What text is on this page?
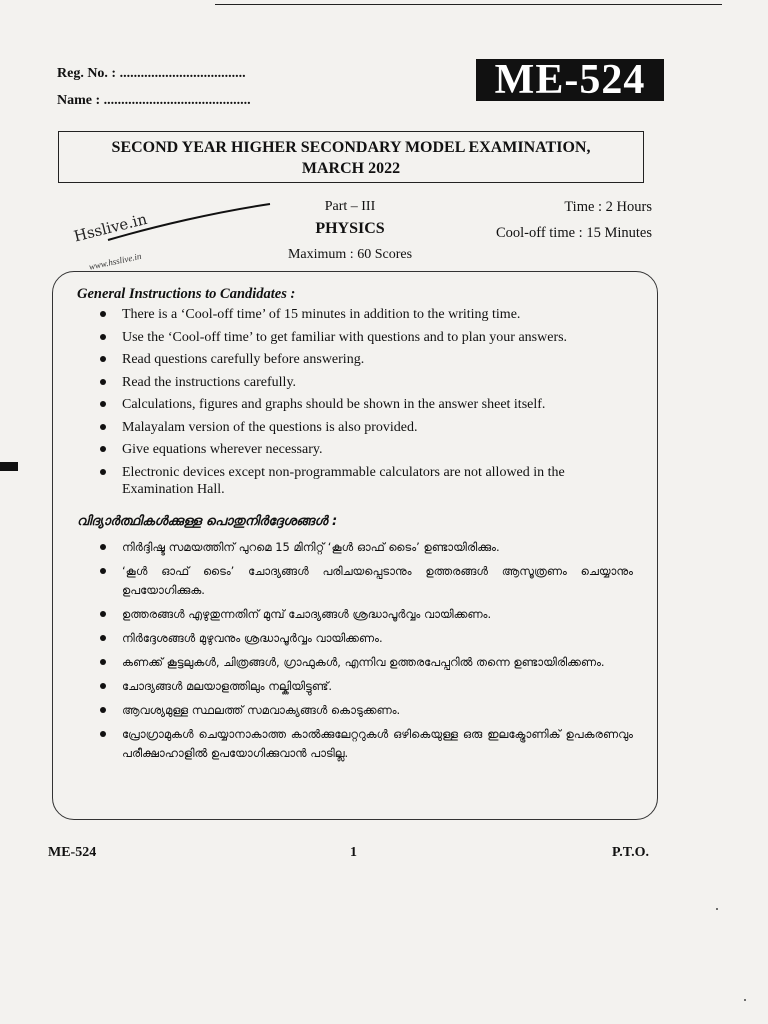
Reg. No. : ....................................
Name : ..........................................	ME-524
SECOND YEAR HIGHER SECONDARY MODEL EXAMINATION,
MARCH 2022
Hsslive.in
www.hsslive.in
Part – III
PHYSICS
Maximum : 60 Scores
Time : 2 Hours
Cool-off time : 15 Minutes
General Instructions to Candidates :
There is a ‘Cool-off time’ of 15 minutes in addition to the writing time.
Use the ‘Cool-off time’ to get familiar with questions and to plan your answers.
Read questions carefully before answering.
Read the instructions carefully.
Calculations, figures and graphs should be shown in the answer sheet itself.
Malayalam version of the questions is also provided.
Give equations wherever necessary.
Electronic devices except non-programmable calculators are not allowed in the Examination Hall.
വിദ്യാർത്ഥികൾക്കുള്ള പൊതുനിർദ്ദേശങ്ങൾ :
നിർദ്ദിഷ്ട സമയത്തിന് പുറമെ 15 മിനിറ്റ് ‘കൂൾ ഓഫ് ടൈം’ ഉണ്ടായിരിക്കും.
‘കൂൾ ഓഫ് ടൈം’ ചോദ്യങ്ങൾ പരിചയപ്പെടാനും ഉത്തരങ്ങൾ ആസൂത്രണം ചെയ്യാനും ഉപയോഗിക്കുക.
ഉത്തരങ്ങൾ എഴുതുന്നതിന് മുമ്പ് ചോദ്യങ്ങൾ ശ്രദ്ധാപൂർവ്വം വായിക്കണം.
നിർദ്ദേശങ്ങൾ മുഴുവനും ശ്രദ്ധാപൂർവ്വം വായിക്കണം.
കണക്ക് കൂട്ടലുകൾ, ചിത്രങ്ങൾ, ഗ്രാഫുകൾ, എന്നിവ ഉത്തരപേപ്പറിൽ തന്നെ ഉണ്ടായിരിക്കണം.
ചോദ്യങ്ങൾ മലയാളത്തിലും നല്കിയിട്ടുണ്ട്.
ആവശ്യമുള്ള സ്ഥലത്ത് സമവാക്യങ്ങൾ കൊടുക്കണം.
പ്രോഗ്രാമുകൾ ചെയ്യാനാകാത്ത കാൽക്കുലേറ്ററുകൾ ഒഴികെയുള്ള ഒരു ഇലക്ട്രോണിക് ഉപകരണവും പരീക്ഷാഹാളിൽ ഉപയോഗിക്കുവാൻ പാടില്ല.
ME-524	1	P.T.O.
